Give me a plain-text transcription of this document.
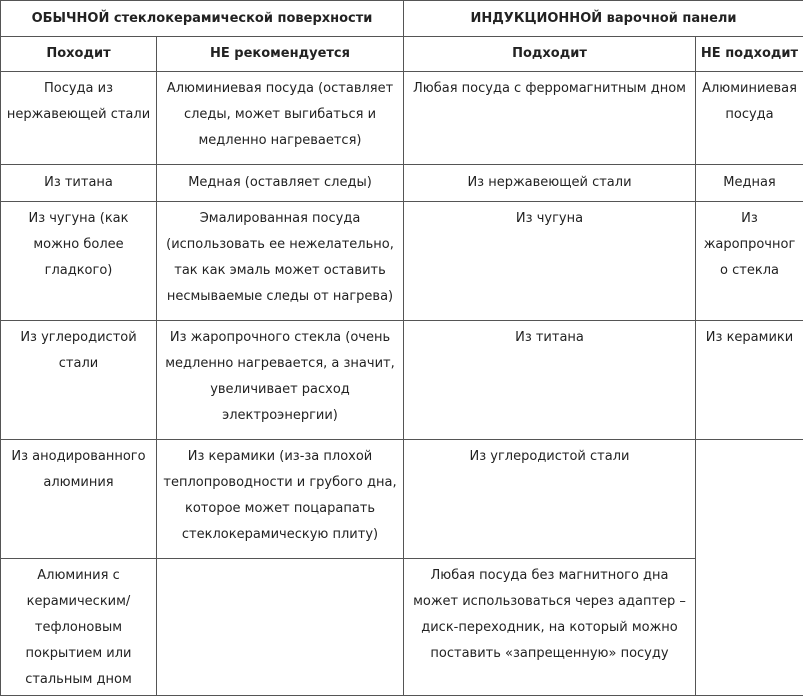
ОБЫЧНОЙ стеклокерамической поверхности		ИНДУКЦИОННОЙ варочной панели	
Походит	НЕ рекомендуется	Подходит	НЕ подходит
Посуда из нержавеющей стали	Алюминиевая посуда (оставляет следы, может выгибаться и медленно нагревается)	Любая посуда с ферромагнитным дном	Алюминиевая посуда
Из титана	Медная (оставляет следы)	Из нержавеющей стали	Медная
Из чугуна (как можно более гладкого)	Эмалированная посуда (использовать ее нежелательно, так как эмаль может оставить несмываемые следы от нагрева)	Из чугуна	Из жаропрочного стекла
Из углеродистой стали	Из жаропрочного стекла (очень медленно нагревается, а значит, увеличивает расход электроэнергии)	Из титана	Из керамики
Из анодированного алюминия	Из керамики (из-за плохой теплопроводности и грубого дна, которое может поцарапать стеклокерамическую плиту)	Из углеродистой стали	
Алюминия с керамическим/ тефлоновым покрытием или стальным дном		Любая посуда без магнитного дна может использоваться через адаптер – диск-переходник, на который можно поставить «запрещенную» посуду	
